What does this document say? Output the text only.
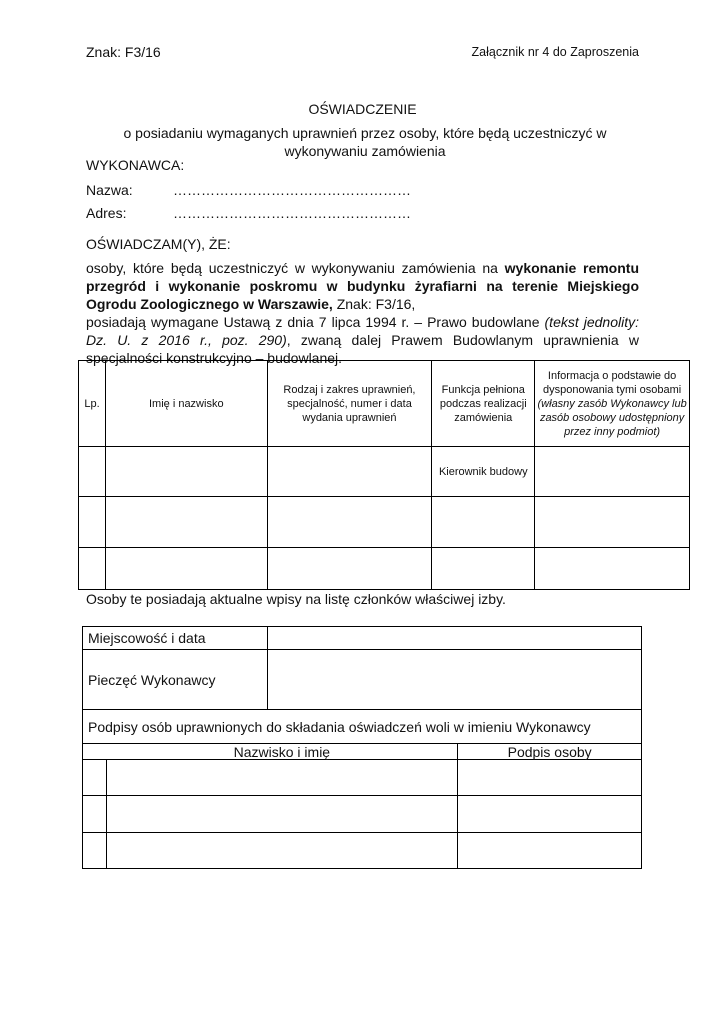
Znak: F3/16	Załącznik nr 4 do Zaproszenia
OŚWIADCZENIE
o posiadaniu wymaganych uprawnień przez osoby, które będą uczestniczyć w wykonywaniu zamówienia
WYKONAWCA:
Nazwa:	……………………………………………
Adres:	……………………………………………
OŚWIADCZAM(Y), ŻE:

osoby, które będą uczestniczyć w wykonywaniu zamówienia na wykonanie remontu przegród i wykonanie poskromu w budynku żyrafiarni na terenie Miejskiego Ogrodu Zoologicznego w Warszawie, Znak: F3/16,

posiadają wymagane Ustawą z dnia 7 lipca 1994 r. – Prawo budowlane (tekst jednolity: Dz. U. z 2016 r., poz. 290), zwaną dalej Prawem Budowlanym uprawnienia w specjalności konstrukcyjno – budowlanej.

Lp.	Imię i nazwisko	Rodzaj i zakres uprawnień, specjalność, numer i data wydania uprawnień	Funkcja pełniona podczas realizacji zamówienia	Informacja o podstawie do dysponowania tymi osobami
(własny zasób Wykonawcy lub zasób osobowy udostępniony przez inny podmiot)
			Kierownik budowy	

Osoby te posiadają aktualne wpisy na listę członków właściwej izby.
Miejscowość i data	
Pieczęć Wykonawcy	
Podpisy osób uprawnionych do składania oświadczeń woli w imieniu Wykonawcy	
	Nazwisko i imię	Podpis osoby
